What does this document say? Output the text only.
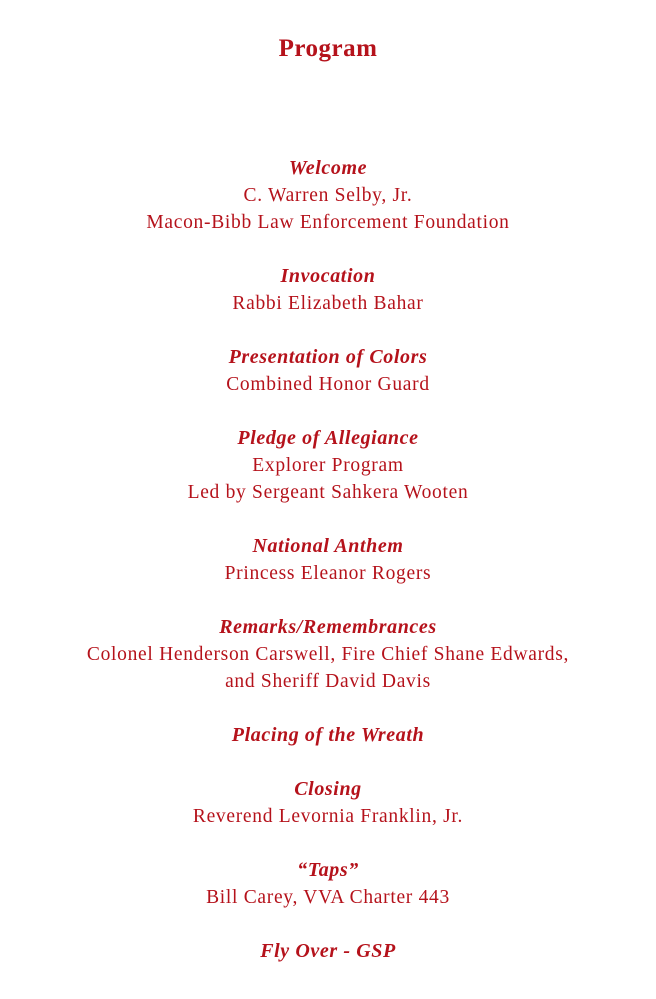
Program
Welcome
C. Warren Selby, Jr.
Macon-Bibb Law Enforcement Foundation
Invocation
Rabbi Elizabeth Bahar
Presentation of Colors
Combined Honor Guard
Pledge of Allegiance
Explorer Program
Led by Sergeant Sahkera Wooten
National Anthem
Princess Eleanor Rogers
Remarks/Remembrances
Colonel Henderson Carswell, Fire Chief Shane Edwards,
and Sheriff David Davis
Placing of the Wreath
Closing
Reverend Levornia Franklin, Jr.
“Taps”
Bill Carey, VVA Charter 443
Fly Over - GSP
